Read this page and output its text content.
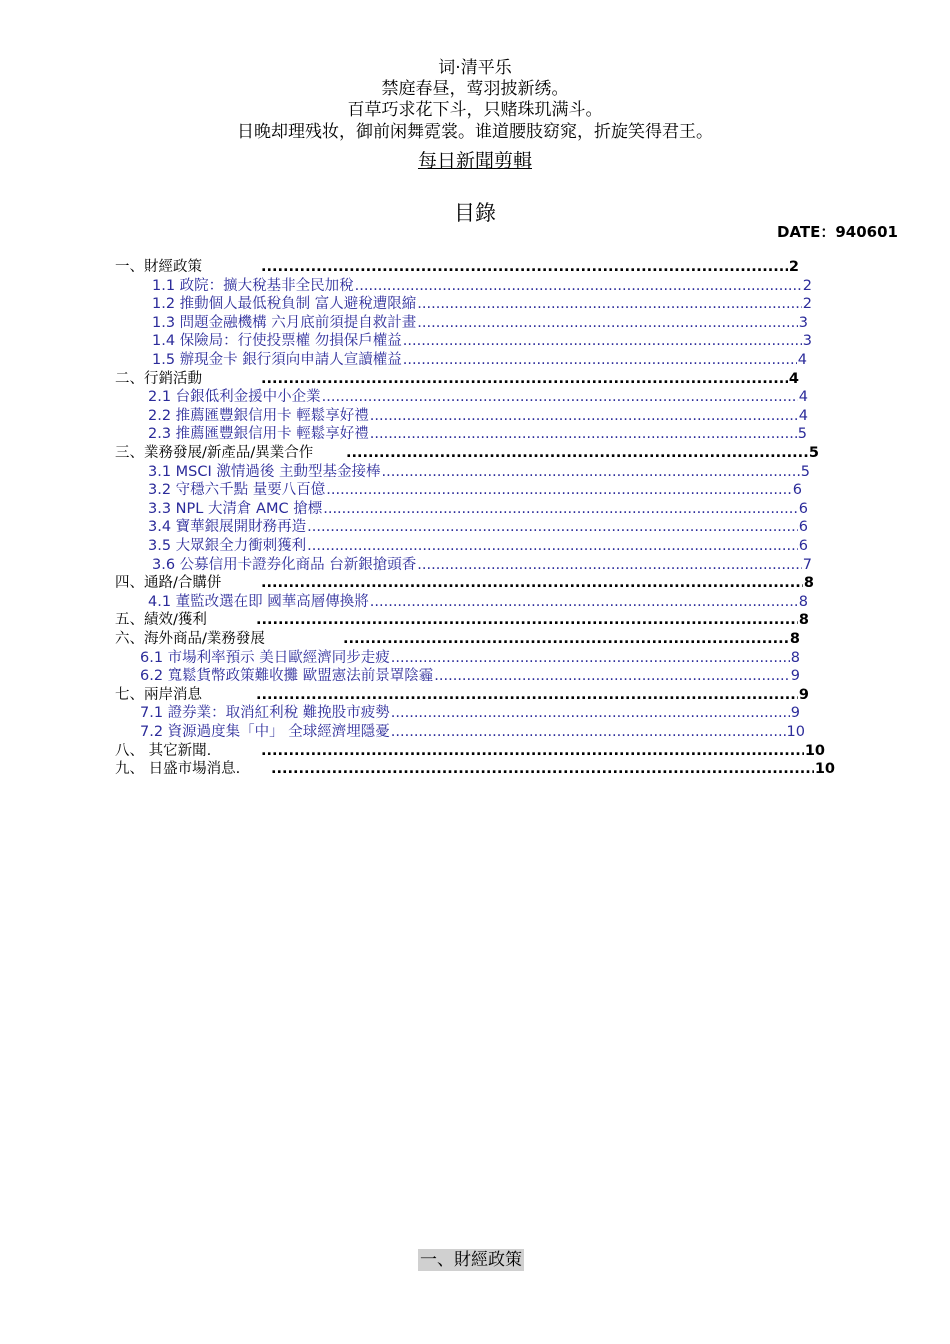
词·清平乐
禁庭春昼，莺羽披新绣。
百草巧求花下斗，只赌珠玑满斗。
日晚却理残妆，御前闲舞霓裳。谁道腰肢窈窕，折旋笑得君王。
每日新聞剪輯
目錄
DATE：940601
一、財經政策 .....	2
1.1 政院：擴大稅基非全民加稅 .....	2
1.2 推動個人最低稅負制 富人避稅遭限縮 .....	2
1.3 問題金融機構 六月底前須提自救計畫 .....	3
1.4 保險局：行使投票權 勿損保戶權益 .....	3
1.5 辦現金卡 銀行須向申請人宣讀權益 .....	4
二、行銷活動 .....	4
2.1 台銀低利金援中小企業 .....	4
2.2 推薦匯豐銀信用卡 輕鬆享好禮 .....	4
2.3 推薦匯豐銀信用卡 輕鬆享好禮 .....	5
三、業務發展/新產品/異業合作 .....	5
3.1 MSCI 激情過後 主動型基金接棒 .....	5
3.2 守穩六千點 量要八百億 .....	6
3.3 NPL 大清倉 AMC 搶標 .....	6
3.4 寶華銀展開財務再造 .....	6
3.5 大眾銀全力衝刺獲利 .....	6
3.6 公募信用卡證券化商品 台新銀搶頭香 .....	7
四、通路/合購併 .....	8
4.1 董監改選在即 國華高層傳換將 .....	8
五、績效/獲利 .....	8
六、海外商品/業務發展 .....	8
6.1 市場利率預示 美日歐經濟同步走疲 .....	8
6.2 寬鬆貨幣政策難收攤 歐盟憲法前景罩陰霾 .....	9
七、兩岸消息 .....	9
7.1 證券業：取消紅利稅 難挽股市疲勢 .....	9
7.2 資源過度集「中」 全球經濟埋隱憂 .....	10
八、 其它新聞. .....	10
九、 日盛市場消息. .....	10
一、財經政策
